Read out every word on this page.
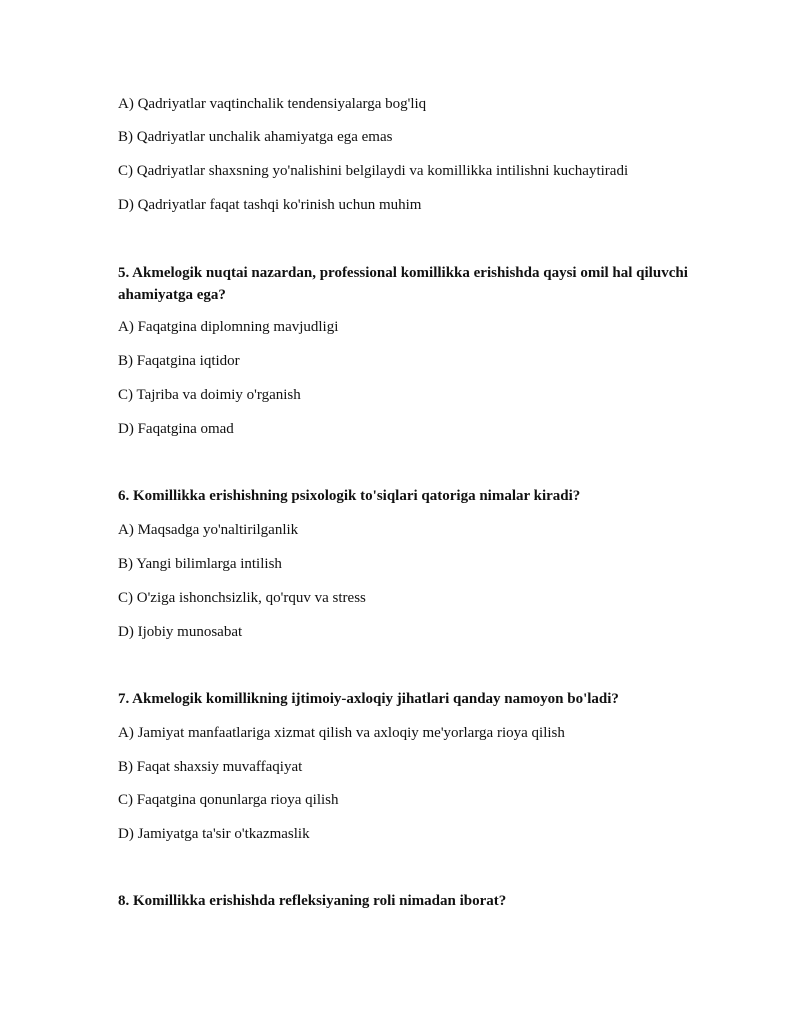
A) Qadriyatlar vaqtinchalik tendensiyalarga bog'liq
B) Qadriyatlar unchalik ahamiyatga ega emas
C) Qadriyatlar shaxsning yo'nalishini belgilaydi va komillikka intilishni kuchaytiradi
D) Qadriyatlar faqat tashqi ko'rinish uchun muhim
5. Akmelogik nuqtai nazardan, professional komillikka erishishda qaysi omil hal qiluvchi ahamiyatga ega?
A) Faqatgina diplomning mavjudligi
B) Faqatgina iqtidor
C) Tajriba va doimiy o'rganish
D) Faqatgina omad
6. Komillikka erishishning psixologik to'siqlari qatoriga nimalar kiradi?
A) Maqsadga yo'naltirilganlik
B) Yangi bilimlarga intilish
C) O'ziga ishonchsizlik, qo'rquv va stress
D) Ijobiy munosabat
7. Akmelogik komillikning ijtimoiy-axloqiy jihatlari qanday namoyon bo'ladi?
A) Jamiyat manfaatlariga xizmat qilish va axloqiy me'yorlarga rioya qilish
B) Faqat shaxsiy muvaffaqiyat
C) Faqatgina qonunlarga rioya qilish
D) Jamiyatga ta'sir o'tkazmaslik
8. Komillikka erishishda refleksiyaning roli nimadan iborat?
